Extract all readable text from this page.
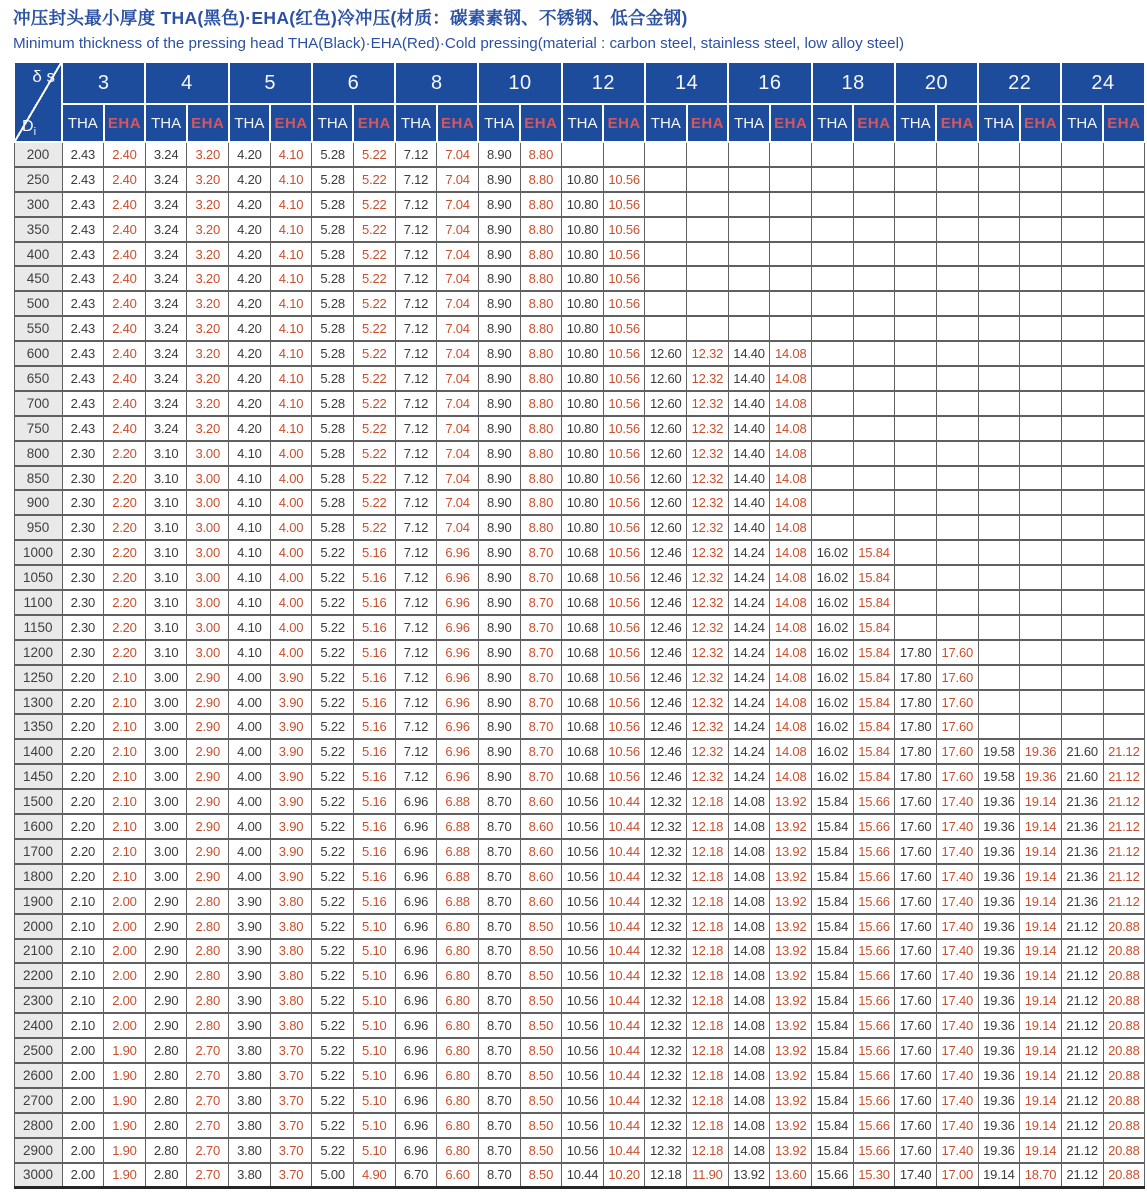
冲压封头最小厚度 THA(黑色)·EHA(红色)冷冲压(材质：碳素素钢、不锈钢、低合金钢)
Minimum thickness of the pressing head THA(Black)·EHA(Red)·Cold pressing(material : carbon steel, stainless steel, low alloy steel)
δ s
$D_i$	3		4		5		6		8		10		12		14		16		18		20		22		24	
	THA	EHA	THA	EHA	THA	EHA	THA	EHA	THA	EHA	THA	EHA	THA	EHA	THA	EHA	THA	EHA	THA	EHA	THA	EHA	THA	EHA	THA	EHA
200	2.43	2.40	3.24	3.20	4.20	4.10	5.28	5.22	7.12	7.04	8.90	8.80														
250	2.43	2.40	3.24	3.20	4.20	4.10	5.28	5.22	7.12	7.04	8.90	8.80	10.80	10.56												
300	2.43	2.40	3.24	3.20	4.20	4.10	5.28	5.22	7.12	7.04	8.90	8.80	10.80	10.56												
350	2.43	2.40	3.24	3.20	4.20	4.10	5.28	5.22	7.12	7.04	8.90	8.80	10.80	10.56												
400	2.43	2.40	3.24	3.20	4.20	4.10	5.28	5.22	7.12	7.04	8.90	8.80	10.80	10.56												
450	2.43	2.40	3.24	3.20	4.20	4.10	5.28	5.22	7.12	7.04	8.90	8.80	10.80	10.56												
500	2.43	2.40	3.24	3.20	4.20	4.10	5.28	5.22	7.12	7.04	8.90	8.80	10.80	10.56												
550	2.43	2.40	3.24	3.20	4.20	4.10	5.28	5.22	7.12	7.04	8.90	8.80	10.80	10.56												
600	2.43	2.40	3.24	3.20	4.20	4.10	5.28	5.22	7.12	7.04	8.90	8.80	10.80	10.56	12.60	12.32	14.40	14.08								
650	2.43	2.40	3.24	3.20	4.20	4.10	5.28	5.22	7.12	7.04	8.90	8.80	10.80	10.56	12.60	12.32	14.40	14.08								
700	2.43	2.40	3.24	3.20	4.20	4.10	5.28	5.22	7.12	7.04	8.90	8.80	10.80	10.56	12.60	12.32	14.40	14.08								
750	2.43	2.40	3.24	3.20	4.20	4.10	5.28	5.22	7.12	7.04	8.90	8.80	10.80	10.56	12.60	12.32	14.40	14.08								
800	2.30	2.20	3.10	3.00	4.10	4.00	5.28	5.22	7.12	7.04	8.90	8.80	10.80	10.56	12.60	12.32	14.40	14.08								
850	2.30	2.20	3.10	3.00	4.10	4.00	5.28	5.22	7.12	7.04	8.90	8.80	10.80	10.56	12.60	12.32	14.40	14.08								
900	2.30	2.20	3.10	3.00	4.10	4.00	5.28	5.22	7.12	7.04	8.90	8.80	10.80	10.56	12.60	12.32	14.40	14.08								
950	2.30	2.20	3.10	3.00	4.10	4.00	5.28	5.22	7.12	7.04	8.90	8.80	10.80	10.56	12.60	12.32	14.40	14.08								
1000	2.30	2.20	3.10	3.00	4.10	4.00	5.22	5.16	7.12	6.96	8.90	8.70	10.68	10.56	12.46	12.32	14.24	14.08	16.02	15.84						
1050	2.30	2.20	3.10	3.00	4.10	4.00	5.22	5.16	7.12	6.96	8.90	8.70	10.68	10.56	12.46	12.32	14.24	14.08	16.02	15.84						
1100	2.30	2.20	3.10	3.00	4.10	4.00	5.22	5.16	7.12	6.96	8.90	8.70	10.68	10.56	12.46	12.32	14.24	14.08	16.02	15.84						
1150	2.30	2.20	3.10	3.00	4.10	4.00	5.22	5.16	7.12	6.96	8.90	8.70	10.68	10.56	12.46	12.32	14.24	14.08	16.02	15.84						
1200	2.30	2.20	3.10	3.00	4.10	4.00	5.22	5.16	7.12	6.96	8.90	8.70	10.68	10.56	12.46	12.32	14.24	14.08	16.02	15.84	17.80	17.60				
1250	2.20	2.10	3.00	2.90	4.00	3.90	5.22	5.16	7.12	6.96	8.90	8.70	10.68	10.56	12.46	12.32	14.24	14.08	16.02	15.84	17.80	17.60				
1300	2.20	2.10	3.00	2.90	4.00	3.90	5.22	5.16	7.12	6.96	8.90	8.70	10.68	10.56	12.46	12.32	14.24	14.08	16.02	15.84	17.80	17.60				
1350	2.20	2.10	3.00	2.90	4.00	3.90	5.22	5.16	7.12	6.96	8.90	8.70	10.68	10.56	12.46	12.32	14.24	14.08	16.02	15.84	17.80	17.60				
1400	2.20	2.10	3.00	2.90	4.00	3.90	5.22	5.16	7.12	6.96	8.90	8.70	10.68	10.56	12.46	12.32	14.24	14.08	16.02	15.84	17.80	17.60	19.58	19.36	21.60	21.12
1450	2.20	2.10	3.00	2.90	4.00	3.90	5.22	5.16	7.12	6.96	8.90	8.70	10.68	10.56	12.46	12.32	14.24	14.08	16.02	15.84	17.80	17.60	19.58	19.36	21.60	21.12
1500	2.20	2.10	3.00	2.90	4.00	3.90	5.22	5.16	6.96	6.88	8.70	8.60	10.56	10.44	12.32	12.18	14.08	13.92	15.84	15.66	17.60	17.40	19.36	19.14	21.36	21.12
1600	2.20	2.10	3.00	2.90	4.00	3.90	5.22	5.16	6.96	6.88	8.70	8.60	10.56	10.44	12.32	12.18	14.08	13.92	15.84	15.66	17.60	17.40	19.36	19.14	21.36	21.12
1700	2.20	2.10	3.00	2.90	4.00	3.90	5.22	5.16	6.96	6.88	8.70	8.60	10.56	10.44	12.32	12.18	14.08	13.92	15.84	15.66	17.60	17.40	19.36	19.14	21.36	21.12
1800	2.20	2.10	3.00	2.90	4.00	3.90	5.22	5.16	6.96	6.88	8.70	8.60	10.56	10.44	12.32	12.18	14.08	13.92	15.84	15.66	17.60	17.40	19.36	19.14	21.36	21.12
1900	2.10	2.00	2.90	2.80	3.90	3.80	5.22	5.16	6.96	6.88	8.70	8.60	10.56	10.44	12.32	12.18	14.08	13.92	15.84	15.66	17.60	17.40	19.36	19.14	21.36	21.12
2000	2.10	2.00	2.90	2.80	3.90	3.80	5.22	5.10	6.96	6.80	8.70	8.50	10.56	10.44	12.32	12.18	14.08	13.92	15.84	15.66	17.60	17.40	19.36	19.14	21.12	20.88
2100	2.10	2.00	2.90	2.80	3.90	3.80	5.22	5.10	6.96	6.80	8.70	8.50	10.56	10.44	12.32	12.18	14.08	13.92	15.84	15.66	17.60	17.40	19.36	19.14	21.12	20.88
2200	2.10	2.00	2.90	2.80	3.90	3.80	5.22	5.10	6.96	6.80	8.70	8.50	10.56	10.44	12.32	12.18	14.08	13.92	15.84	15.66	17.60	17.40	19.36	19.14	21.12	20.88
2300	2.10	2.00	2.90	2.80	3.90	3.80	5.22	5.10	6.96	6.80	8.70	8.50	10.56	10.44	12.32	12.18	14.08	13.92	15.84	15.66	17.60	17.40	19.36	19.14	21.12	20.88
2400	2.10	2.00	2.90	2.80	3.90	3.80	5.22	5.10	6.96	6.80	8.70	8.50	10.56	10.44	12.32	12.18	14.08	13.92	15.84	15.66	17.60	17.40	19.36	19.14	21.12	20.88
2500	2.00	1.90	2.80	2.70	3.80	3.70	5.22	5.10	6.96	6.80	8.70	8.50	10.56	10.44	12.32	12.18	14.08	13.92	15.84	15.66	17.60	17.40	19.36	19.14	21.12	20.88
2600	2.00	1.90	2.80	2.70	3.80	3.70	5.22	5.10	6.96	6.80	8.70	8.50	10.56	10.44	12.32	12.18	14.08	13.92	15.84	15.66	17.60	17.40	19.36	19.14	21.12	20.88
2700	2.00	1.90	2.80	2.70	3.80	3.70	5.22	5.10	6.96	6.80	8.70	8.50	10.56	10.44	12.32	12.18	14.08	13.92	15.84	15.66	17.60	17.40	19.36	19.14	21.12	20.88
2800	2.00	1.90	2.80	2.70	3.80	3.70	5.22	5.10	6.96	6.80	8.70	8.50	10.56	10.44	12.32	12.18	14.08	13.92	15.84	15.66	17.60	17.40	19.36	19.14	21.12	20.88
2900	2.00	1.90	2.80	2.70	3.80	3.70	5.22	5.10	6.96	6.80	8.70	8.50	10.56	10.44	12.32	12.18	14.08	13.92	15.84	15.66	17.60	17.40	19.36	19.14	21.12	20.88
3000	2.00	1.90	2.80	2.70	3.80	3.70	5.00	4.90	6.70	6.60	8.70	8.50	10.44	10.20	12.18	11.90	13.92	13.60	15.66	15.30	17.40	17.00	19.14	18.70	21.12	20.88
